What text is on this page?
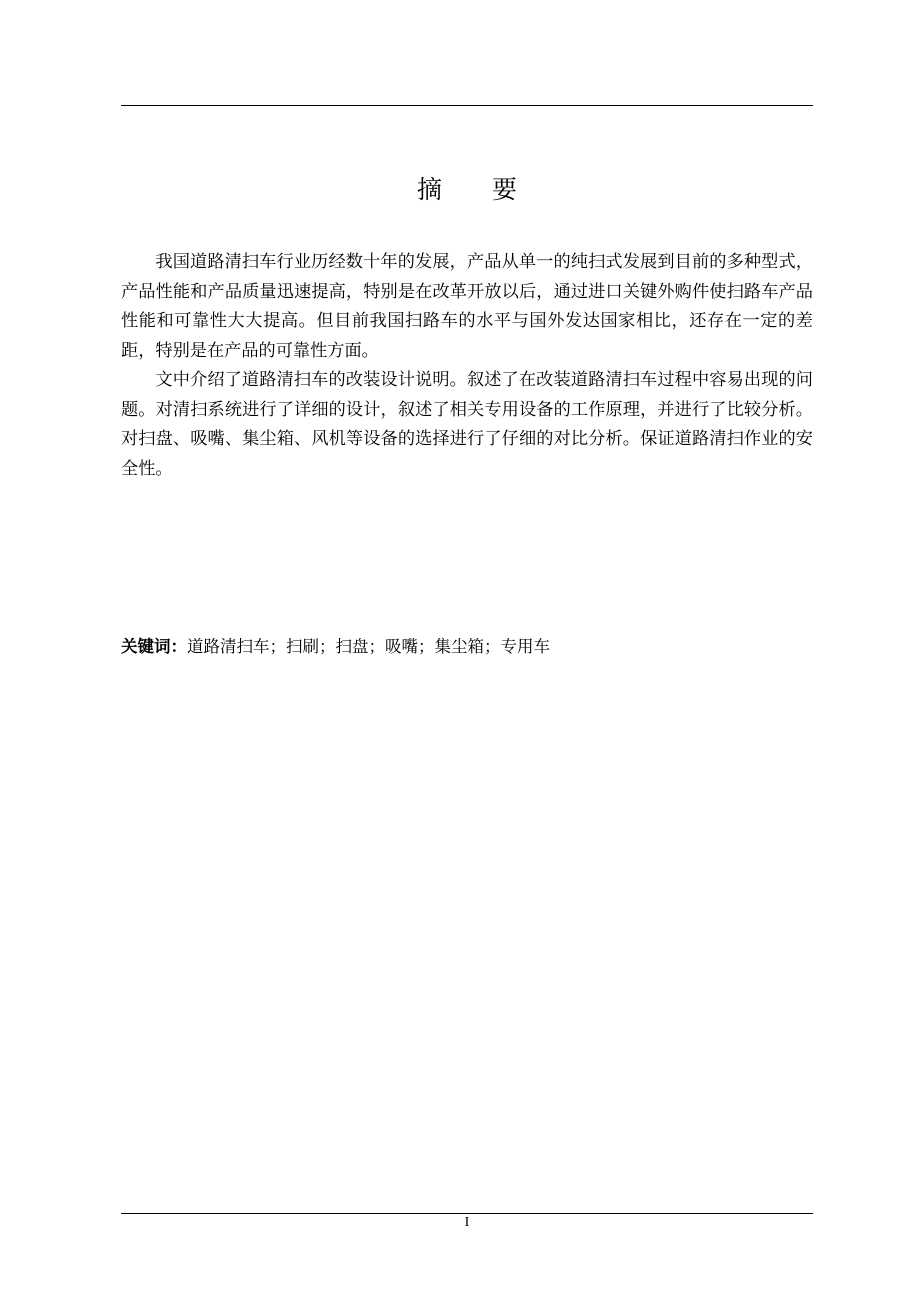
摘 要

我国道路清扫车行业历经数十年的发展，产品从单一的纯扫式发展到目前的多种型式，产品性能和产品质量迅速提高，特别是在改革开放以后，通过进口关键外购件使扫路车产品性能和可靠性大大提高。但目前我国扫路车的水平与国外发达国家相比，还存在一定的差距，特别是在产品的可靠性方面。

文中介绍了道路清扫车的改装设计说明。叙述了在改装道路清扫车过程中容易出现的问题。对清扫系统进行了详细的设计，叙述了相关专用设备的工作原理，并进行了比较分析。对扫盘、吸嘴、集尘箱、风机等设备的选择进行了仔细的对比分析。保证道路清扫作业的安全性。

关键词：道路清扫车；扫刷；扫盘；吸嘴；集尘箱；专用车
I
